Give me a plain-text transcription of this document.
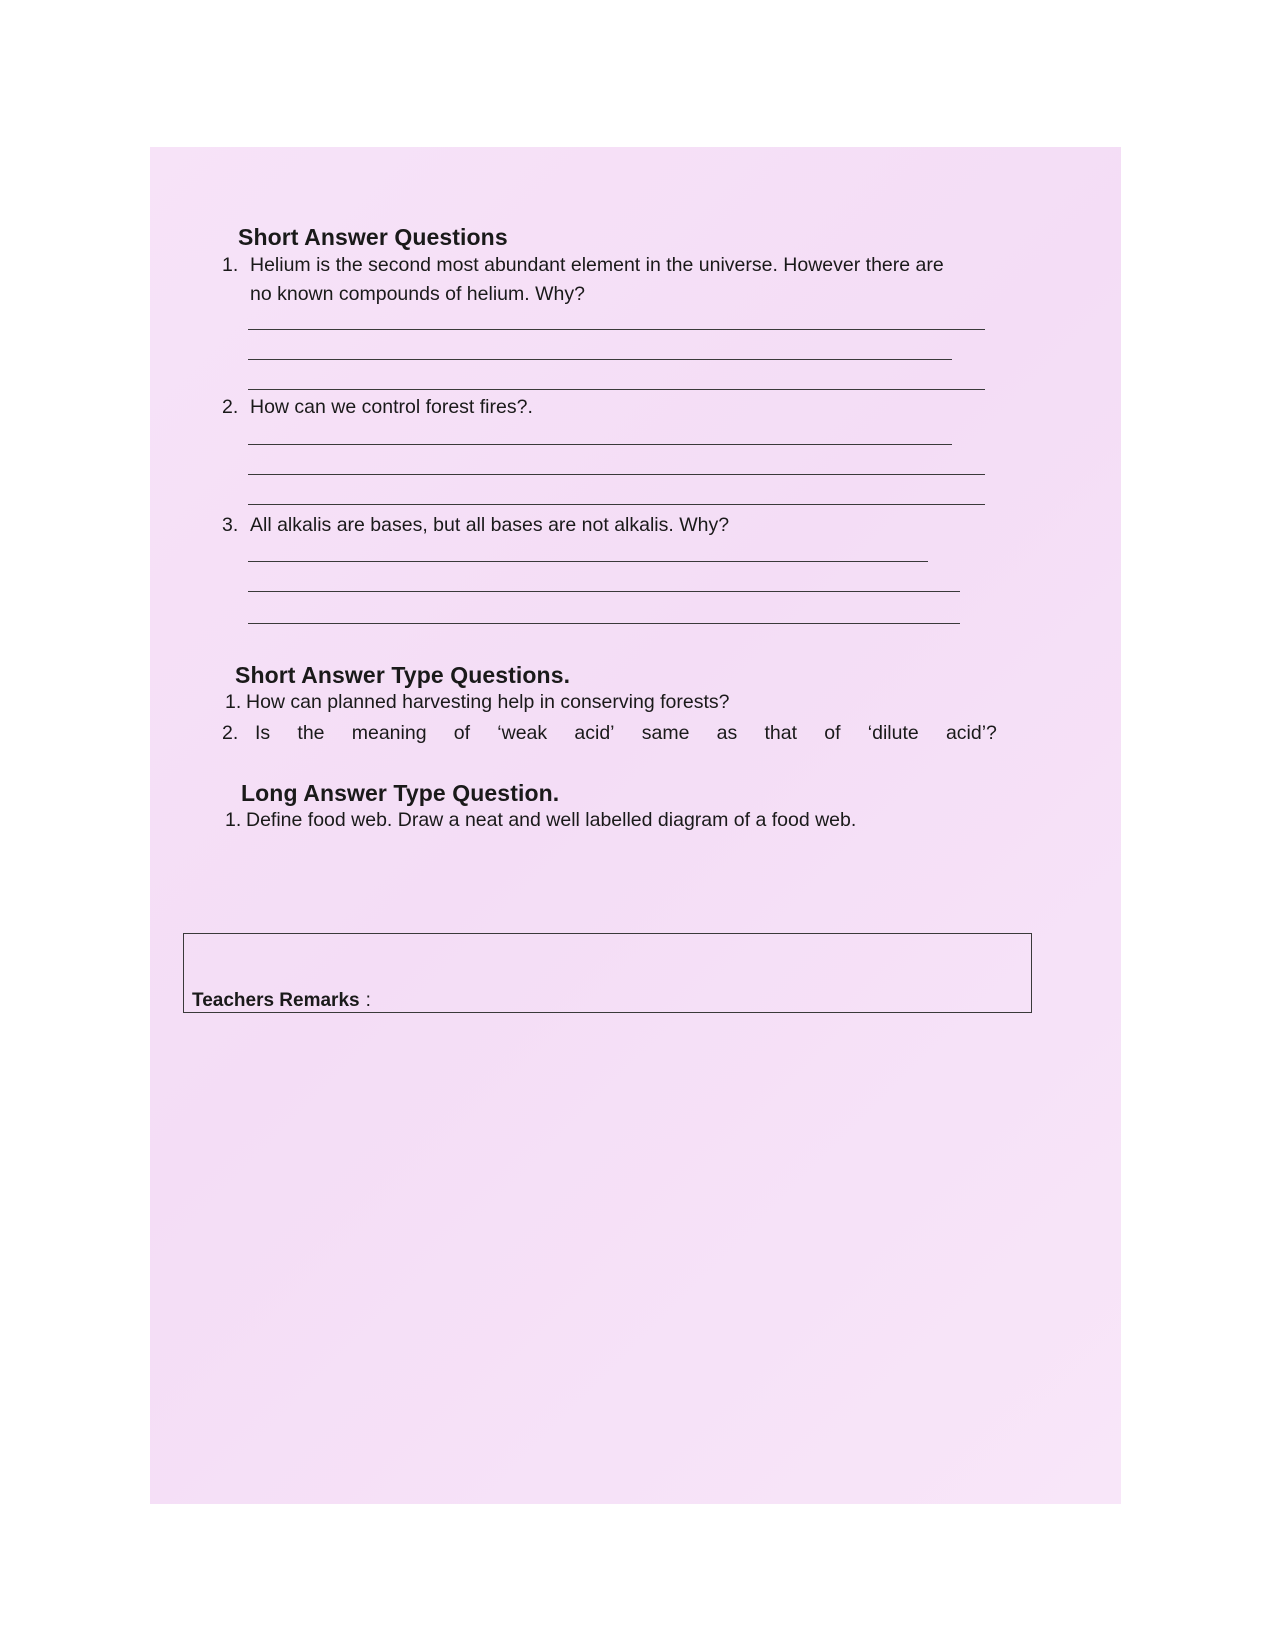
Short Answer Questions
1. Helium is the second most abundant element in the universe. However there are
no known compounds of helium. Why?
2. How can we control forest fires?.
3. All alkalis are bases, but all bases are not alkalis. Why?
Short Answer Type Questions.
1. How can planned harvesting help in conserving forests?
2. Is the meaning of ‘weak acid’ same as that of ‘dilute acid’?
Long Answer Type Question.
1. Define food web. Draw a neat and well labelled diagram of a food web.
Teachers Remarks :
